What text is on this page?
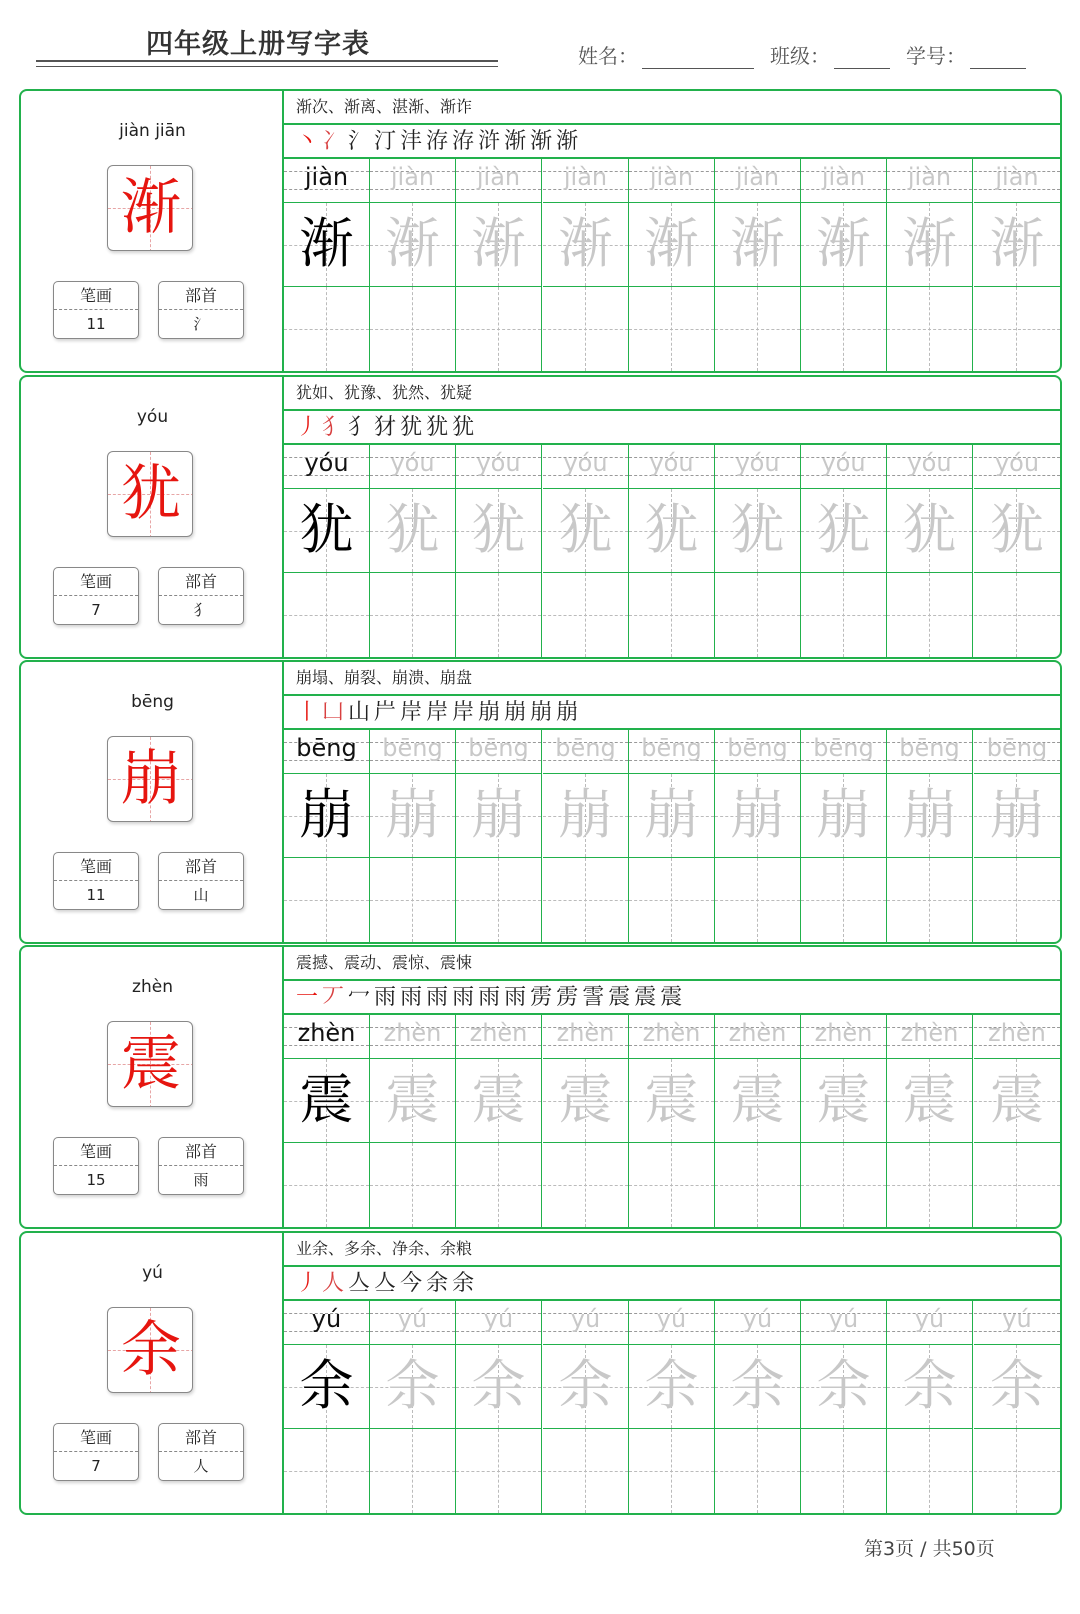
四年级上册写字表	姓名：	班级：	学号：
jiàn jiān
渐
笔画
11
部首
氵
渐次、渐离、湛渐、渐诈
丶 冫 氵 汀 沣 洊 洊 浒 渐 渐 渐
jiàn
渐
jiàn
渐
jiàn
渐
jiàn
渐
jiàn
渐
jiàn
渐
jiàn
渐
jiàn
渐
jiàn
渐
yóu
犹
笔画
7
部首
犭
犹如、犹豫、犹然、犹疑
丿 犭 犭 犲 犹 犹 犹
yóu
犹
yóu
犹
yóu
犹
yóu
犹
yóu
犹
yóu
犹
yóu
犹
yóu
犹
yóu
犹
bēng
崩
笔画
11
部首
山
崩塌、崩裂、崩溃、崩盘
丨 凵 山 屵 岸 岸 岸 崩 崩 崩 崩
bēng
崩
bēng
崩
bēng
崩
bēng
崩
bēng
崩
bēng
崩
bēng
崩
bēng
崩
bēng
崩
zhèn
震
笔画
15
部首
雨
震撼、震动、震惊、震悚
一 丆 冖 雨 雨 雨 雨 雨 雨 雳 雳 霅 震 震 震
zhèn
震
zhèn
震
zhèn
震
zhèn
震
zhèn
震
zhèn
震
zhèn
震
zhèn
震
zhèn
震
yú
余
笔画
7
部首
人
业余、多余、净余、余粮
丿 人 亼 亼 今 余 余
yú
余
yú
余
yú
余
yú
余
yú
余
yú
余
yú
余
yú
余
yú
余
第3页 / 共50页
